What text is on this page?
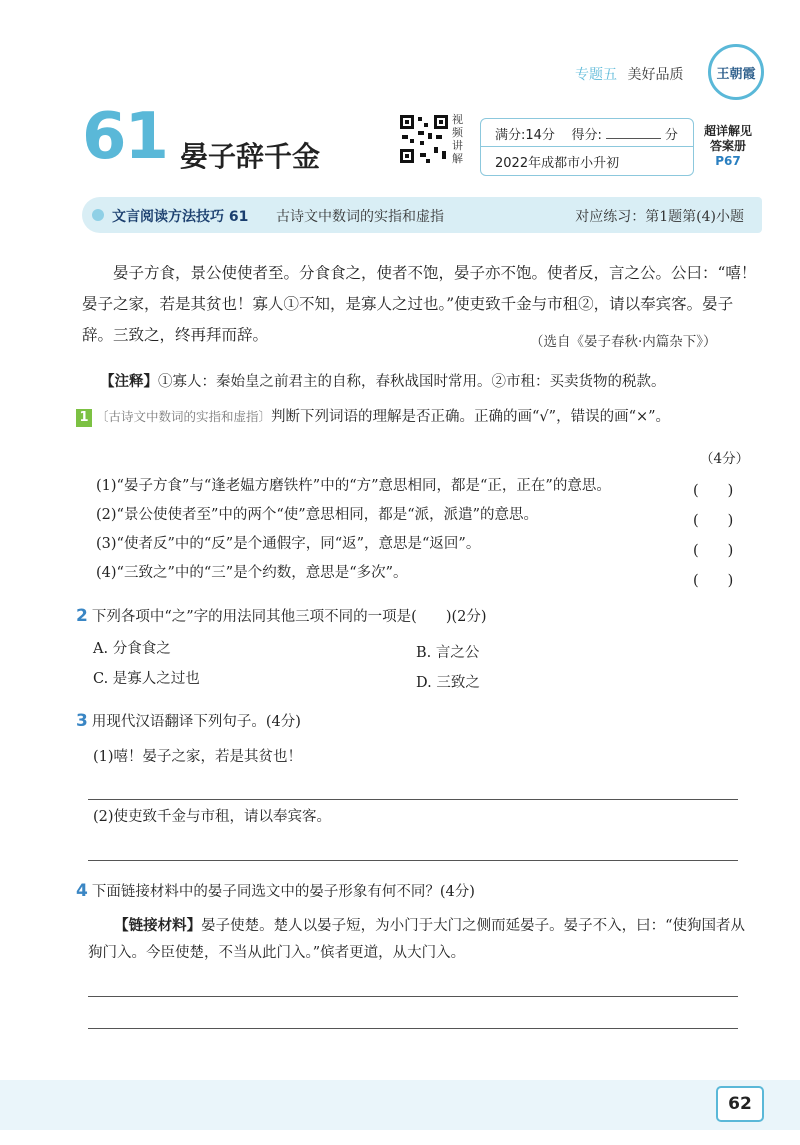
专题五 美好品质	王朝霞
61 晏子辞千金
视频讲解
满分:14分 得分:	分
2022年成都市小升初
超详解见
答案册
P67
文言阅读方法技巧 61 古诗文中数词的实指和虚指	对应练习：第1题第(4)小题
晏子方食，景公使使者至。分食食之，使者不饱，晏子亦不饱。使者反，言之公。公曰：“嘻！晏子之家，若是其贫也！寡人①不知，是寡人之过也。”使吏致千金与市租②，请以奉宾客。晏子辞。三致之，终再拜而辞。	（选自《晏子春秋·内篇杂下》）
【注释】①寡人：秦始皇之前君主的自称，春秋战国时常用。②市租：买卖货物的税款。
1 〔古诗文中数词的实指和虚指〕判断下列词语的理解是否正确。正确的画“√”，错误的画“×”。
（4分）
(1)“晏子方食”与“逢老媪方磨铁杵”中的“方”意思相同，都是“正，正在”的意思。	(　　)
(2)“景公使使者至”中的两个“使”意思相同，都是“派，派遣”的意思。	(　　)
(3)“使者反”中的“反”是个通假字，同“返”，意思是“返回”。	(　　)
(4)“三致之”中的“三”是个约数，意思是“多次”。	(　　)
2 下列各项中“之”字的用法同其他三项不同的一项是(　　)(2分)
A. 分食食之	B. 言之公
C. 是寡人之过也	D. 三致之
3 用现代汉语翻译下列句子。(4分)
(1)嘻！晏子之家，若是其贫也！
(2)使吏致千金与市租，请以奉宾客。
4 下面链接材料中的晏子同选文中的晏子形象有何不同？(4分)
【链接材料】晏子使楚。楚人以晏子短，为小门于大门之侧而延晏子。晏子不入，曰：“使狗国者从狗门入。今臣使楚，不当从此门入。”傧者更道，从大门入。
62
